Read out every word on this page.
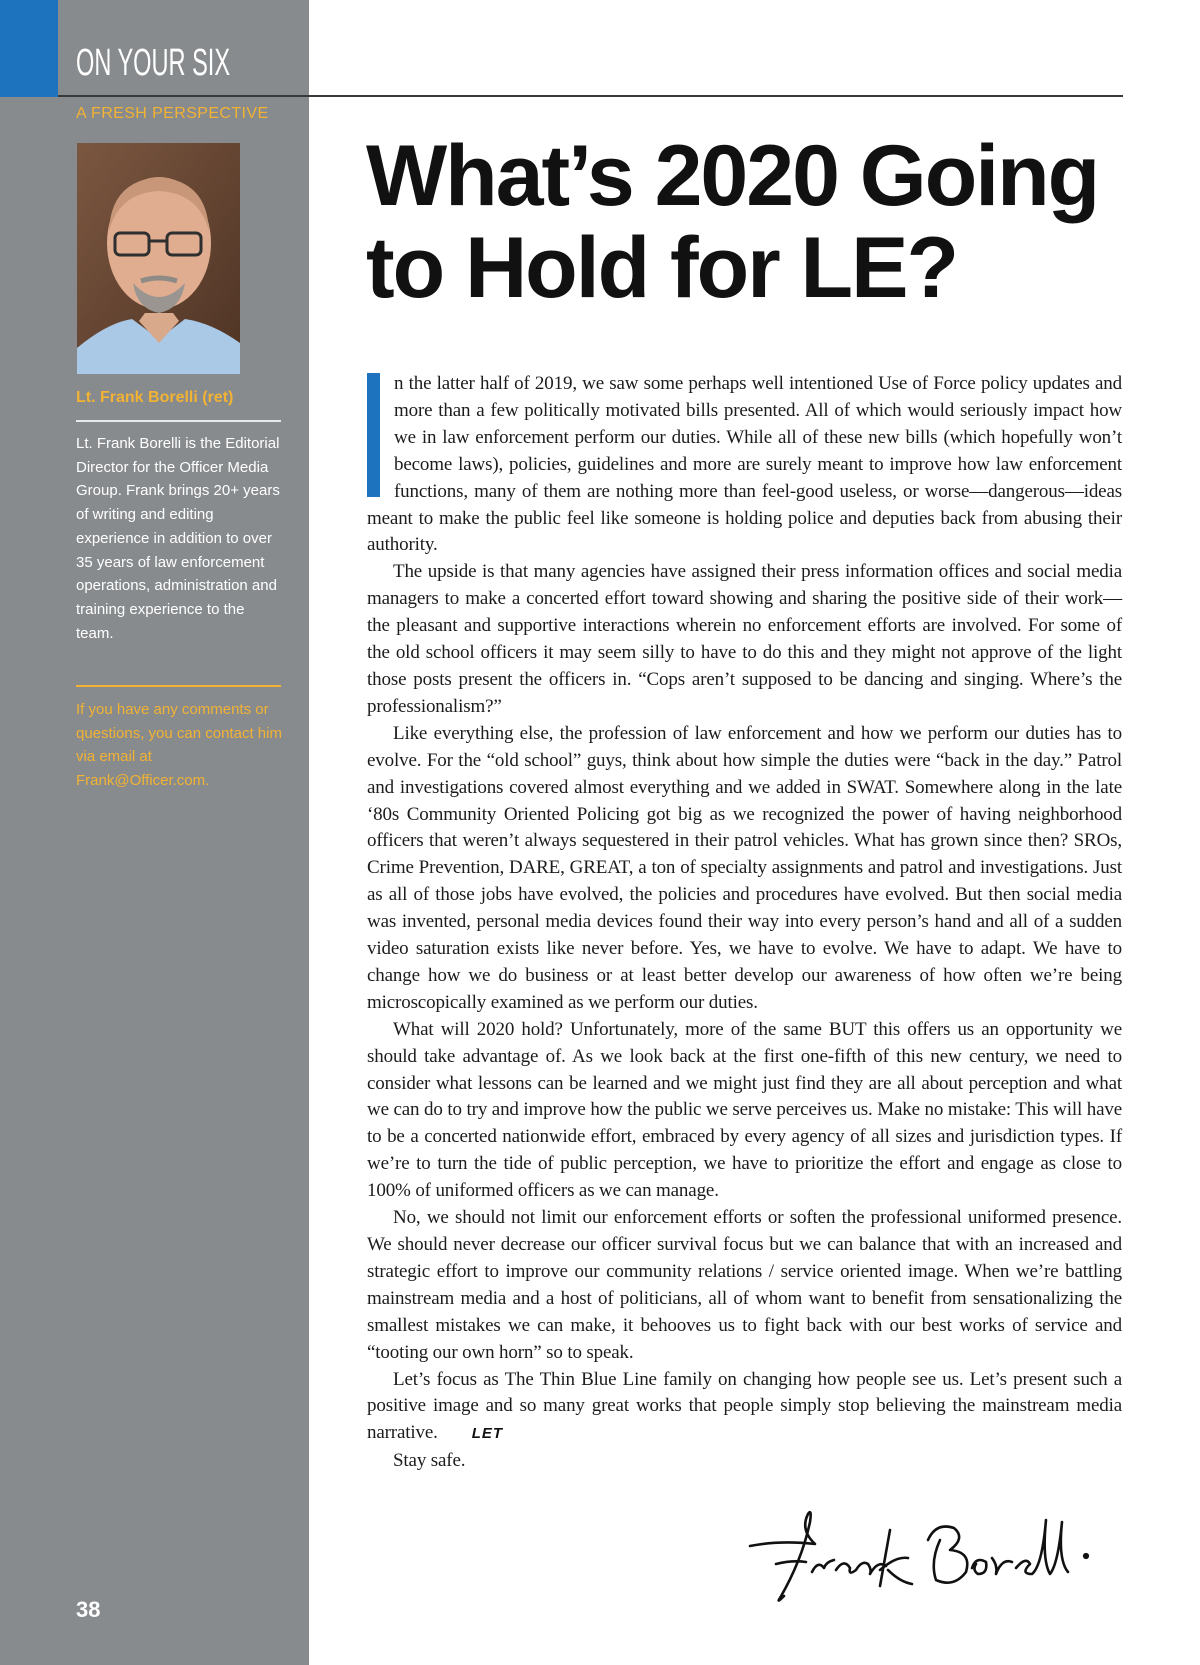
ON YOUR SIX
A FRESH PERSPECTIVE
Lt. Frank Borelli (ret)
Lt. Frank Borelli is the Editorial Director for the Officer Media Group. Frank brings 20+ years of writing and editing experience in addition to over 35 years of law enforcement operations, administration and training experience to the team.
If you have any comments or questions, you can contact him via email at Frank@Officer.com.
38
What’s 2020 Going to Hold for LE?

n the latter half of 2019, we saw some perhaps well intentioned Use of Force policy updates and more than a few politically motivated bills presented. All of which would seriously impact how we in law enforcement perform our duties. While all of these new bills (which hopefully won’t become laws), policies, guidelines and more are surely meant to improve how law enforcement functions, many of them are nothing more than feel-good useless, or worse—dangerous—ideas meant to make the public feel like someone is holding police and deputies back from abusing their authority.

The upside is that many agencies have assigned their press information offices and social media managers to make a concerted effort toward showing and sharing the positive side of their work—the pleasant and supportive interactions wherein no enforcement efforts are involved. For some of the old school officers it may seem silly to have to do this and they might not approve of the light those posts present the officers in. “Cops aren’t supposed to be dancing and singing. Where’s the professionalism?”

Like everything else, the profession of law enforcement and how we perform our duties has to evolve. For the “old school” guys, think about how simple the duties were “back in the day.” Patrol and investigations covered almost everything and we added in SWAT. Somewhere along in the late ‘80s Community Oriented Policing got big as we recognized the power of having neighborhood officers that weren’t always sequestered in their patrol vehicles. What has grown since then? SROs, Crime Prevention, DARE, GREAT, a ton of specialty assignments and patrol and investigations. Just as all of those jobs have evolved, the policies and procedures have evolved. But then social media was invented, personal media devices found their way into every person’s hand and all of a sudden video saturation exists like never before. Yes, we have to evolve. We have to adapt. We have to change how we do business or at least better develop our awareness of how often we’re being microscopically examined as we perform our duties.

What will 2020 hold? Unfortunately, more of the same BUT this offers us an opportunity we should take advantage of. As we look back at the first one-fifth of this new century, we need to consider what lessons can be learned and we might just find they are all about perception and what we can do to try and improve how the public we serve perceives us. Make no mistake: This will have to be a concerted nationwide effort, embraced by every agency of all sizes and jurisdiction types. If we’re to turn the tide of public perception, we have to prioritize the effort and engage as close to 100% of uniformed officers as we can manage.

No, we should not limit our enforcement efforts or soften the professional uniformed presence. We should never decrease our officer survival focus but we can balance that with an increased and strategic effort to improve our community relations / service oriented image. When we’re battling mainstream media and a host of politicians, all of whom want to benefit from sensationalizing the smallest mistakes we can make, it behooves us to fight back with our best works of service and “tooting our own horn” so to speak.

Let’s focus as The Thin Blue Line family on changing how people see us. Let’s present such a positive image and so many great works that people simply stop believing the mainstream media narrative. LET

Stay safe.

Frank Borelli
